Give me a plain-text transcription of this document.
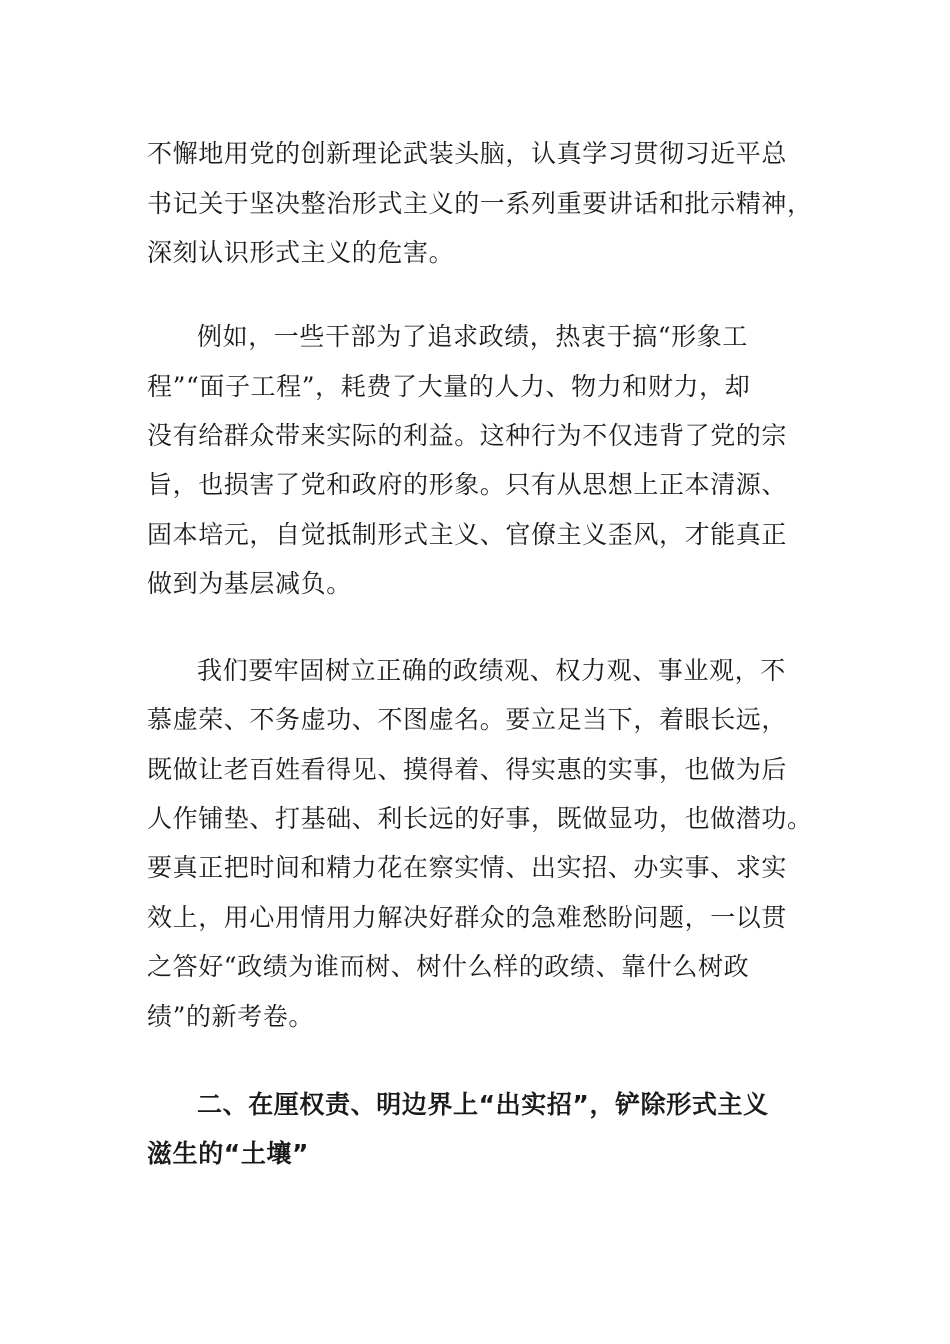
不懈地用党的创新理论武装头脑，认真学习贯彻习近平总
书记关于坚决整治形式主义的一系列重要讲话和批示精神，
深刻认识形式主义的危害。
例如，一些干部为了追求政绩，热衷于搞“形象工
程”“面子工程”，耗费了大量的人力、物力和财力，却
没有给群众带来实际的利益。这种行为不仅违背了党的宗
旨，也损害了党和政府的形象。只有从思想上正本清源、
固本培元，自觉抵制形式主义、官僚主义歪风，才能真正
做到为基层减负。
我们要牢固树立正确的政绩观、权力观、事业观，不
慕虚荣、不务虚功、不图虚名。要立足当下，着眼长远，
既做让老百姓看得见、摸得着、得实惠的实事，也做为后
人作铺垫、打基础、利长远的好事，既做显功，也做潜功。
要真正把时间和精力花在察实情、出实招、办实事、求实
效上，用心用情用力解决好群众的急难愁盼问题，一以贯
之答好“政绩为谁而树、树什么样的政绩、靠什么树政
绩”的新考卷。
二、在厘权责、明边界上“出实招”，铲除形式主义
滋生的“土壤”
